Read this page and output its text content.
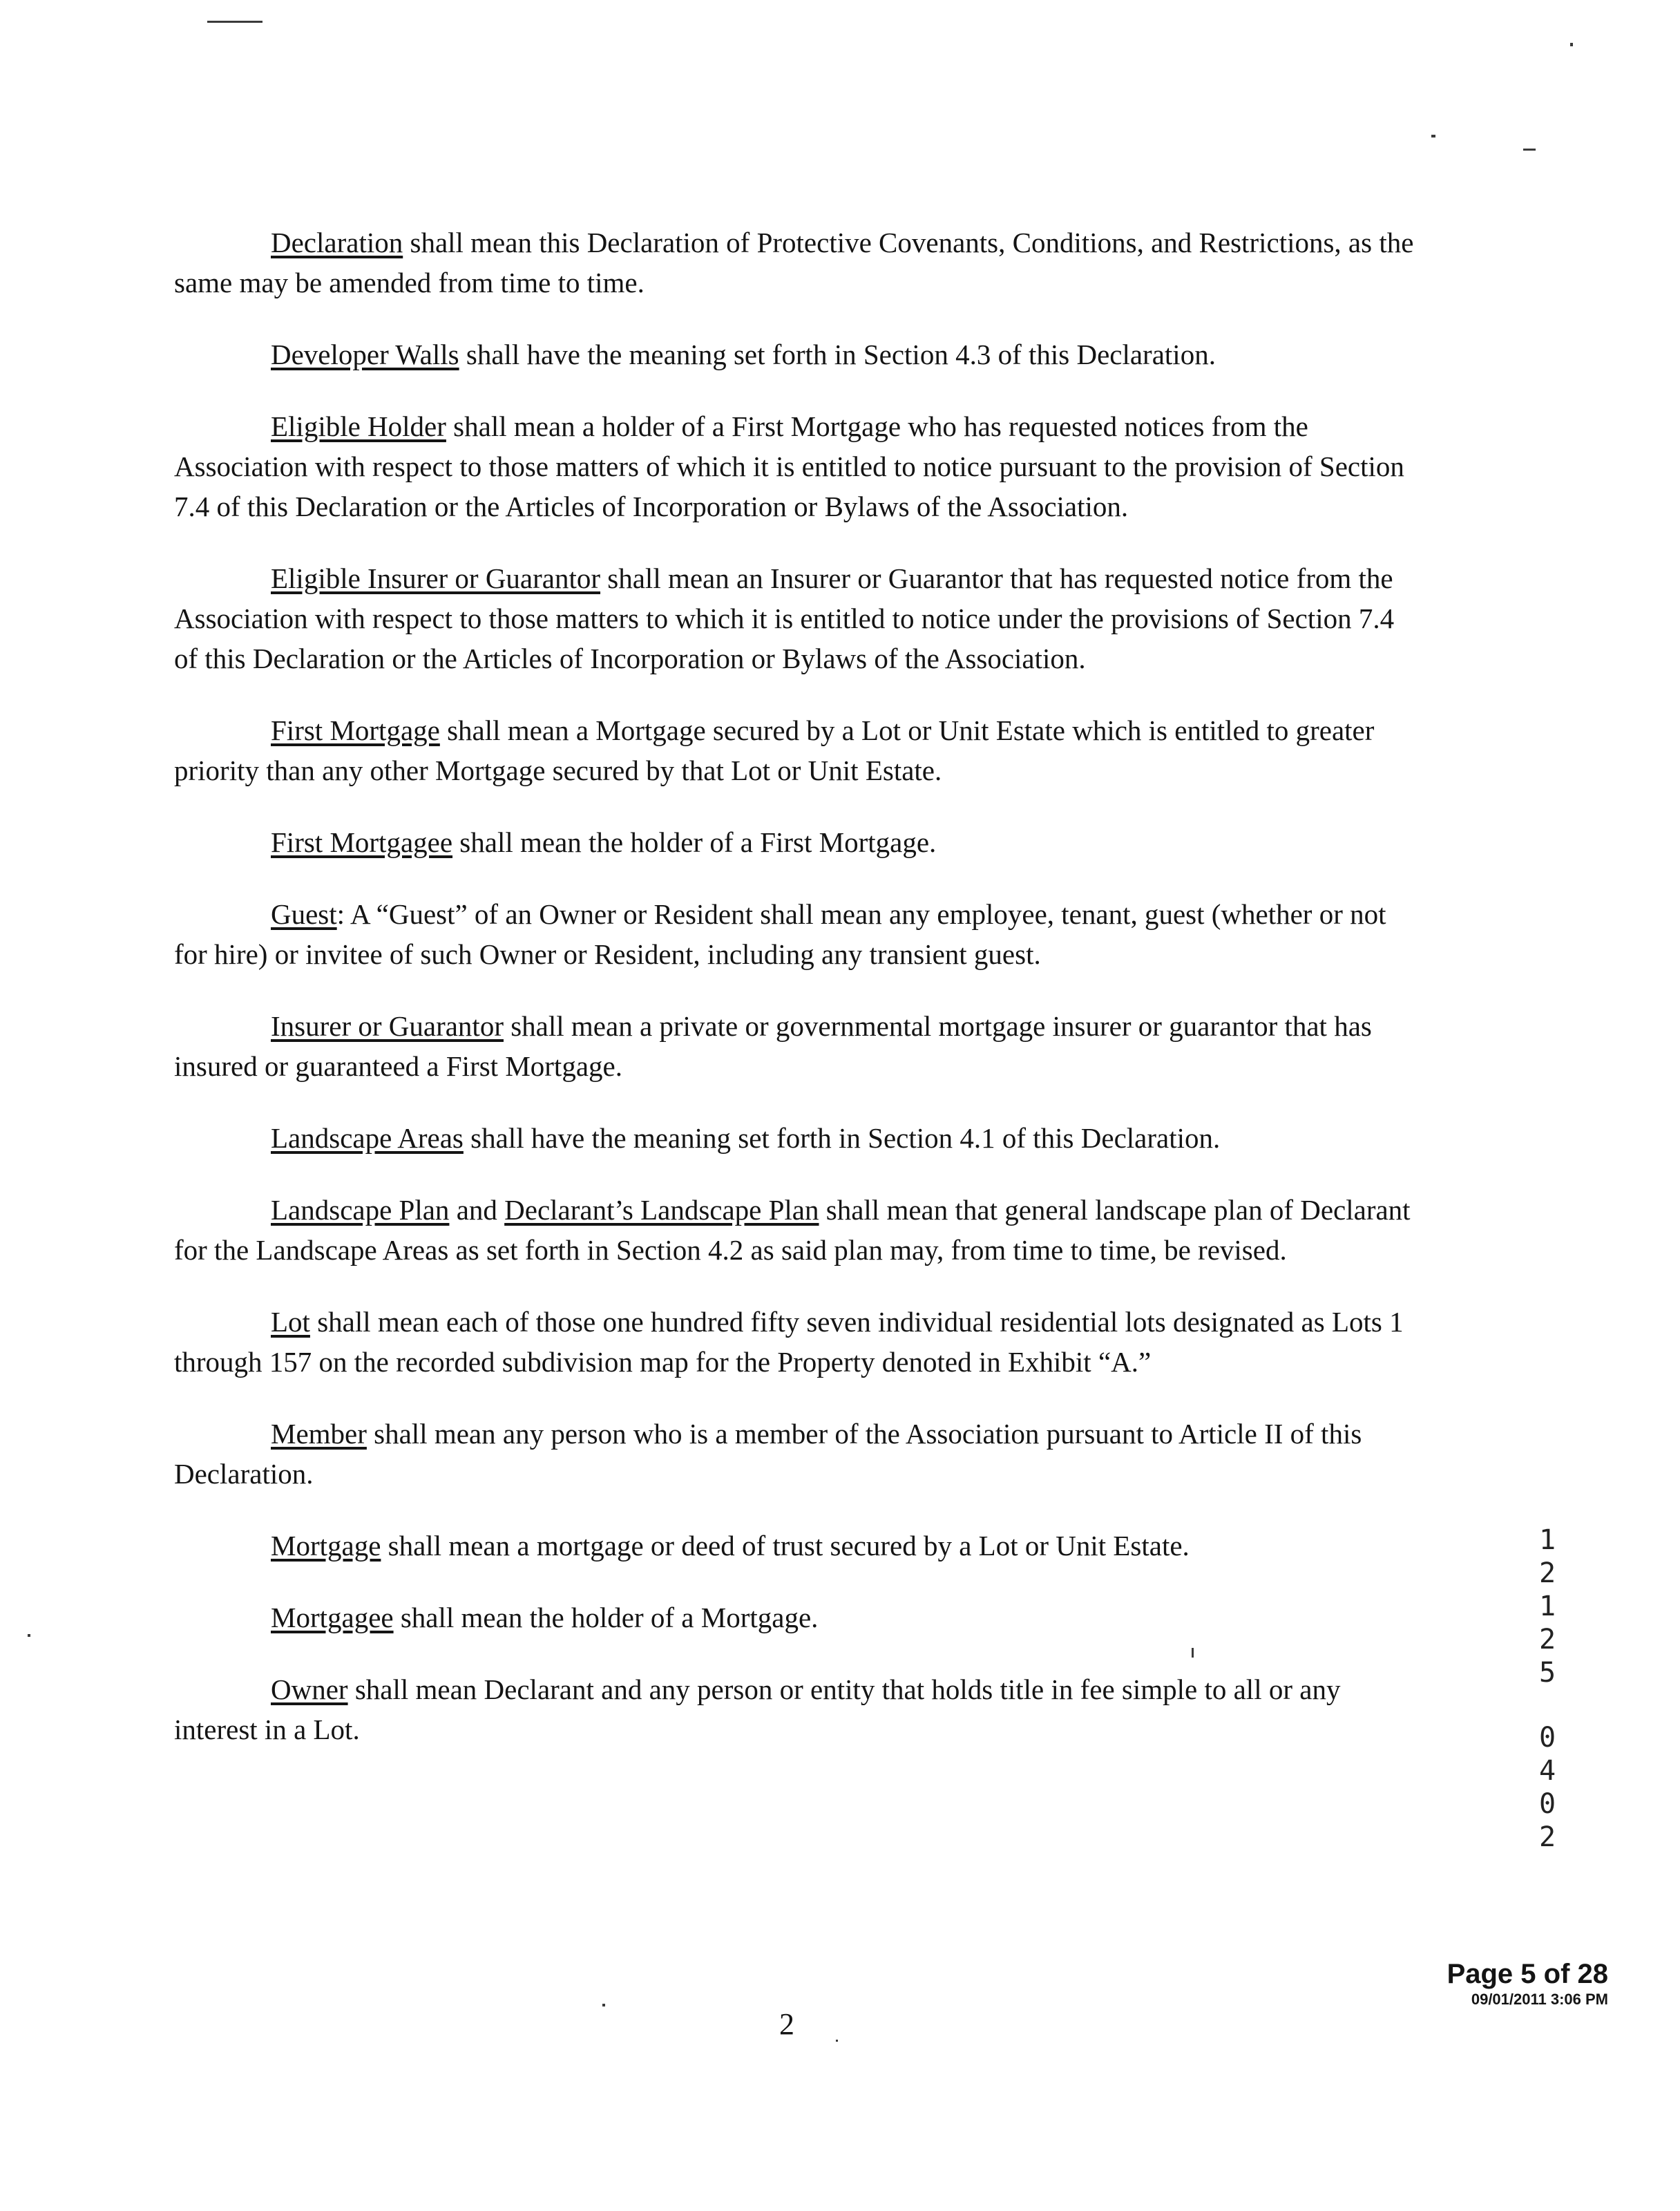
Declaration shall mean this Declaration of Protective Covenants, Conditions, and Restrictions, as the same may be amended from time to time.

Developer Walls shall have the meaning set forth in Section 4.3 of this Declaration.

Eligible Holder shall mean a holder of a First Mortgage who has requested notices from the Association with respect to those matters of which it is entitled to notice pursuant to the provision of Section 7.4 of this Declaration or the Articles of Incorporation or Bylaws of the Association.

Eligible Insurer or Guarantor shall mean an Insurer or Guarantor that has requested notice from the Association with respect to those matters to which it is entitled to notice under the provisions of Section 7.4 of this Declaration or the Articles of Incorporation or Bylaws of the Association.

First Mortgage shall mean a Mortgage secured by a Lot or Unit Estate which is entitled to greater priority than any other Mortgage secured by that Lot or Unit Estate.

First Mortgagee shall mean the holder of a First Mortgage.

Guest: A “Guest” of an Owner or Resident shall mean any employee, tenant, guest (whether or not for hire) or invitee of such Owner or Resident, including any transient guest.

Insurer or Guarantor shall mean a private or governmental mortgage insurer or guarantor that has insured or guaranteed a First Mortgage.

Landscape Areas shall have the meaning set forth in Section 4.1 of this Declaration.

Landscape Plan and Declarant’s Landscape Plan shall mean that general landscape plan of Declarant for the Landscape Areas as set forth in Section 4.2 as said plan may, from time to time, be revised.

Lot shall mean each of those one hundred fifty seven individual residential lots designated as Lots 1 through 157 on the recorded subdivision map for the Property denoted in Exhibit “A.”

Member shall mean any person who is a member of the Association pursuant to Article II of this Declaration.

Mortgage shall mean a mortgage or deed of trust secured by a Lot or Unit Estate.

Mortgagee shall mean the holder of a Mortgage.

Owner shall mean Declarant and any person or entity that holds title in fee simple to all or any interest in a Lot.

1
2
1
2
5
0
4
0
2
2
Page 5 of 28
09/01/2011 3:06 PM
